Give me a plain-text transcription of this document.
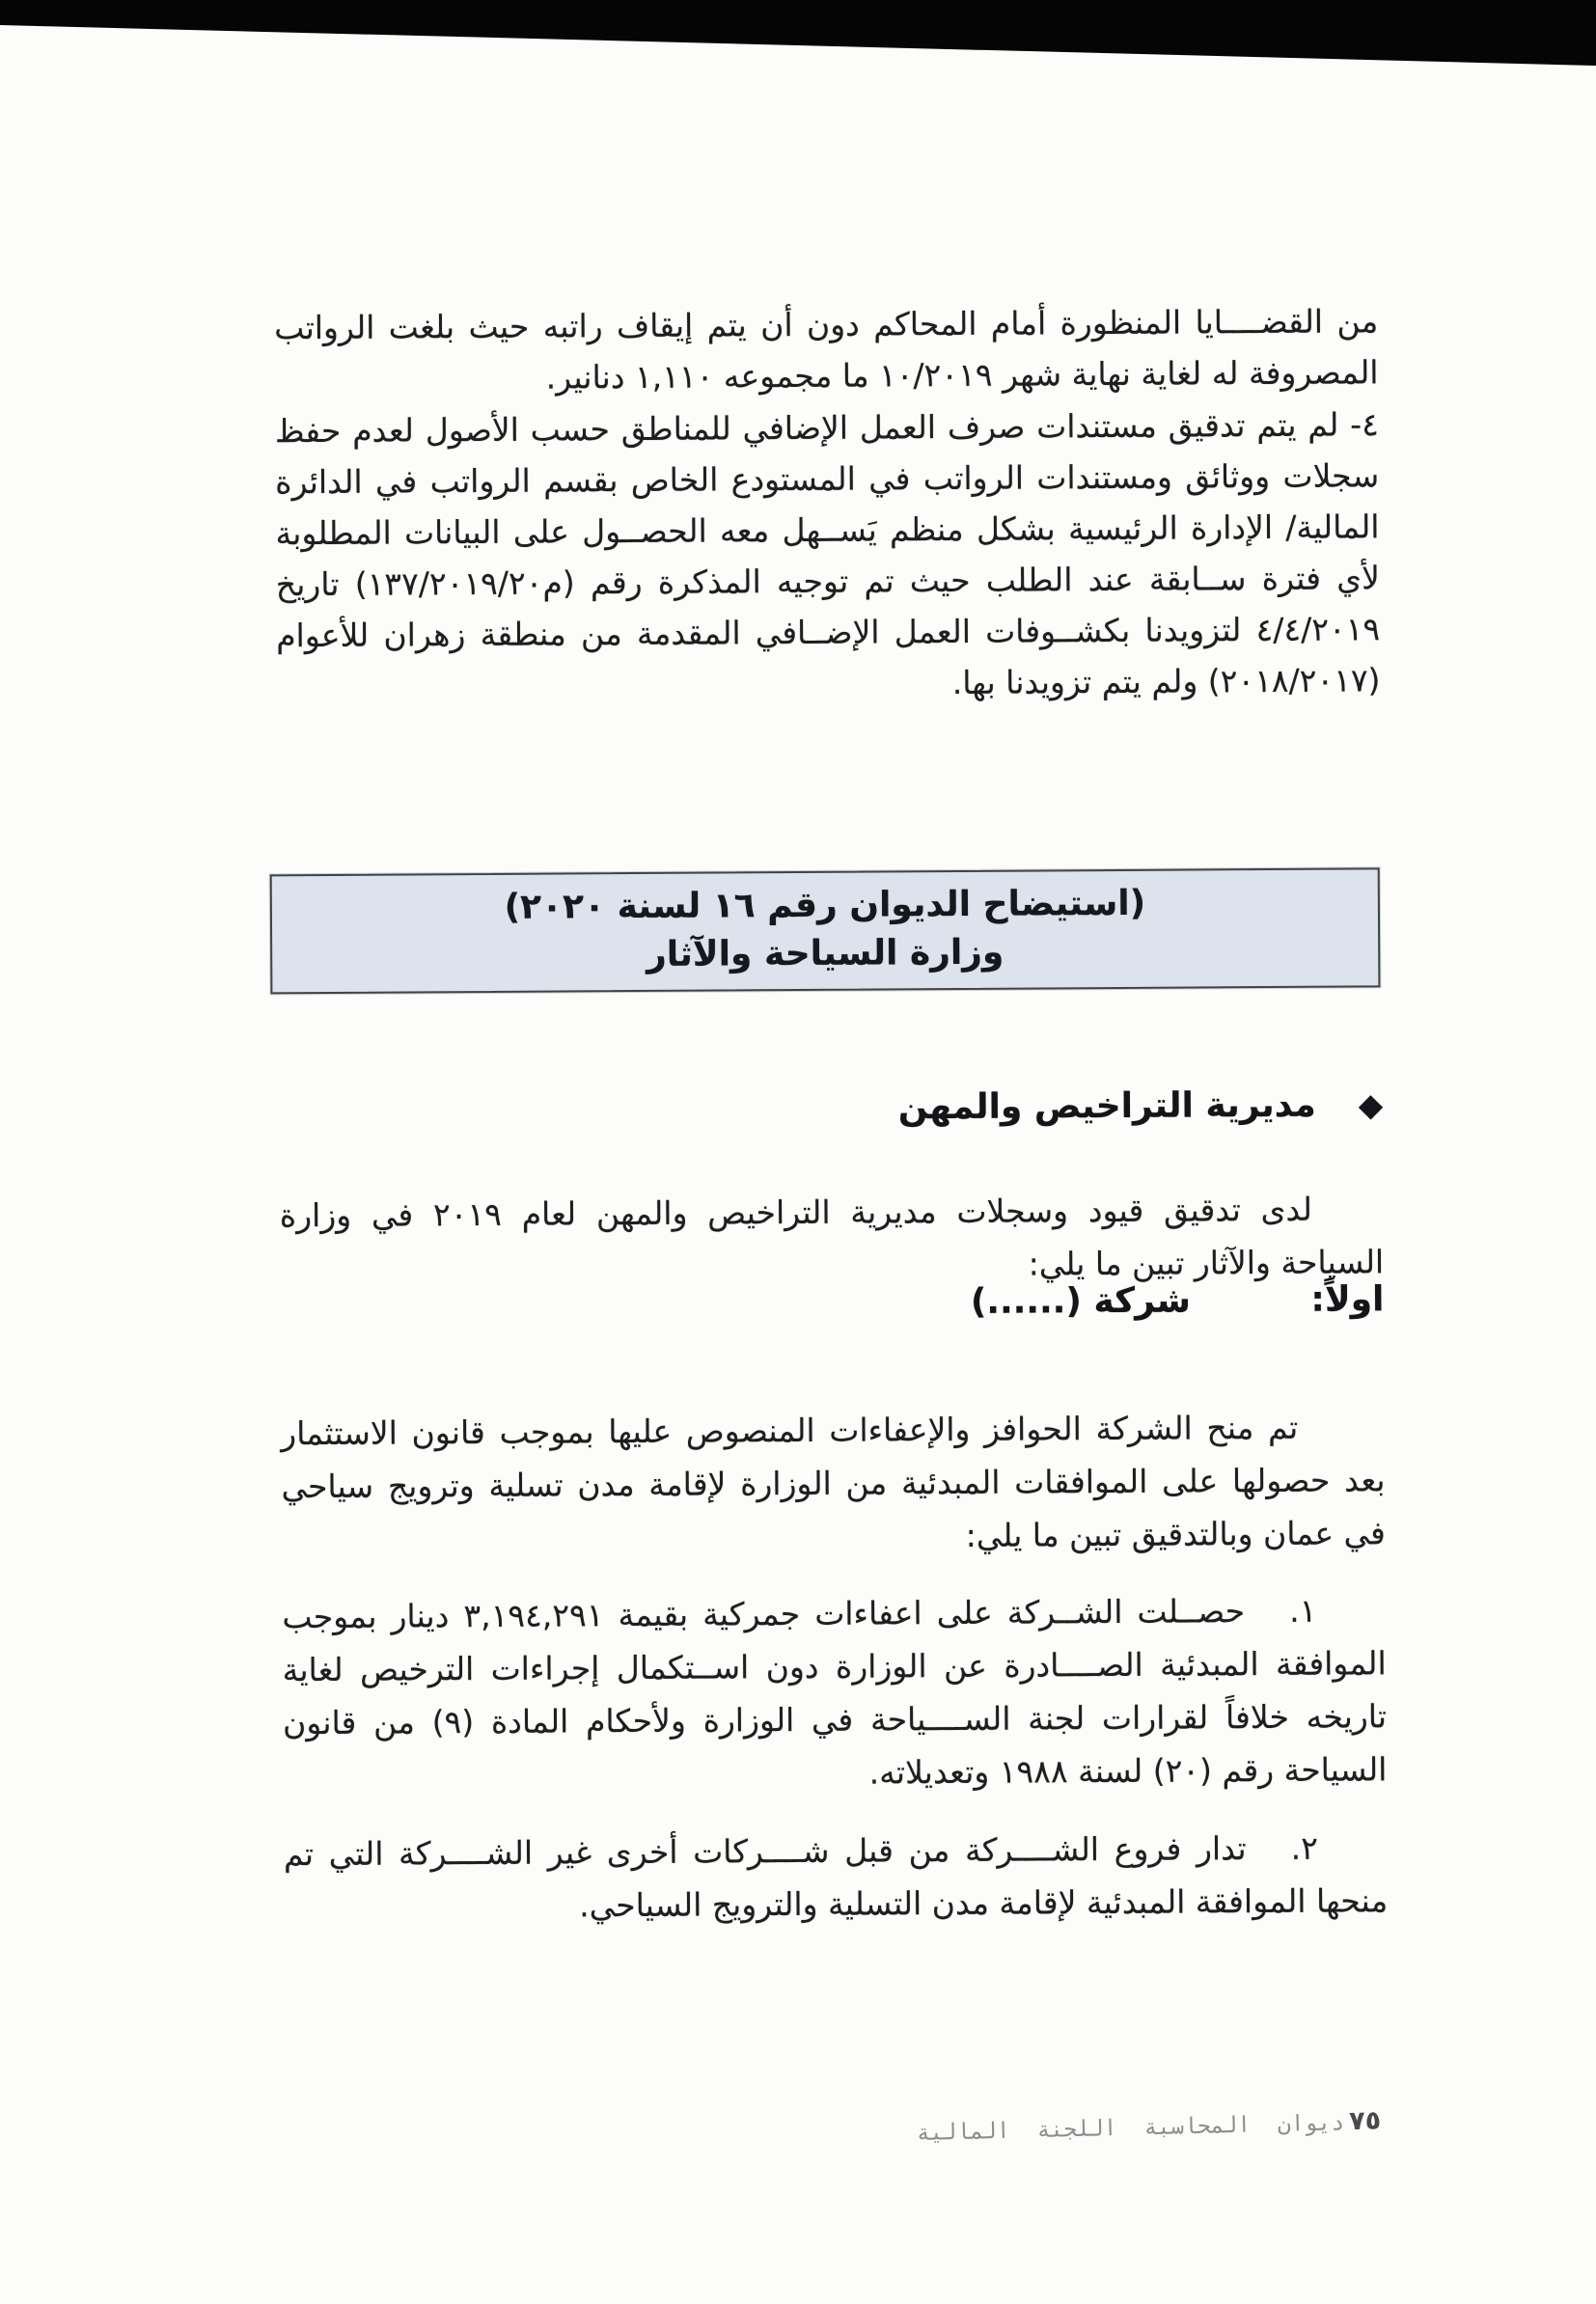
من القضــــايا المنظورة أمام المحاكم دون أن يتم إيقاف راتبه حيث بلغت الرواتب المصروفة له لغاية نهاية شهر ١٠/٢٠١٩ ما مجموعه ١,١١٠ دنانير.

٤- لم يتم تدقيق مستندات صرف العمل الإضافي للمناطق حسب الأصول لعدم حفظ سجلات ووثائق ومستندات الرواتب في المستودع الخاص بقسم الرواتب في الدائرة المالية/ الإدارة الرئيسية بشكل منظم يَســهل معه الحصــول على البيانات المطلوبة لأي فترة ســابقة عند الطلب حيث تم توجيه المذكرة رقم (م١٣٧/٢٠١٩/٢٠) تاريخ ٤/٤/٢٠١٩ لتزويدنا بكشــوفات العمل الإضــافي المقدمة من منطقة زهران للأعوام (٢٠١٨/٢٠١٧) ولم يتم تزويدنا بها.

(استيضاح الديوان رقم ١٦ لسنة ٢٠٢٠)
وزارة السياحة والآثار
◆
مديرية التراخيص والمهن

لدى تدقيق قيود وسجلات مديرية التراخيص والمهن لعام ٢٠١٩ في وزارة السياحة والآثار تبين ما يلي:

اولاً: شركة (......)

تم منح الشركة الحوافز والإعفاءات المنصوص عليها بموجب قانون الاستثمار بعد حصولها على الموافقات المبدئية من الوزارة لإقامة مدن تسلية وترويج سياحي في عمان وبالتدقيق تبين ما يلي:

١.حصــلت الشــركة على اعفاءات جمركية بقيمة ٣,١٩٤,٢٩١ دينار بموجب الموافقة المبدئية الصــــادرة عن الوزارة دون اســتكمال إجراءات الترخيص لغاية تاريخه خلافاً لقرارات لجنة الســــياحة في الوزارة ولأحكام المادة (٩) من قانون السياحة رقم (٢٠) لسنة ١٩٨٨ وتعديلاته.

٢.تدار فروع الشــــركة من قبل شــــركات أخرى غير الشــــركة التي تم منحها الموافقة المبدئية لإقامة مدن التسلية والترويج السياحي.

٧٥
ديوان المحاسبة اللجنة المالية
